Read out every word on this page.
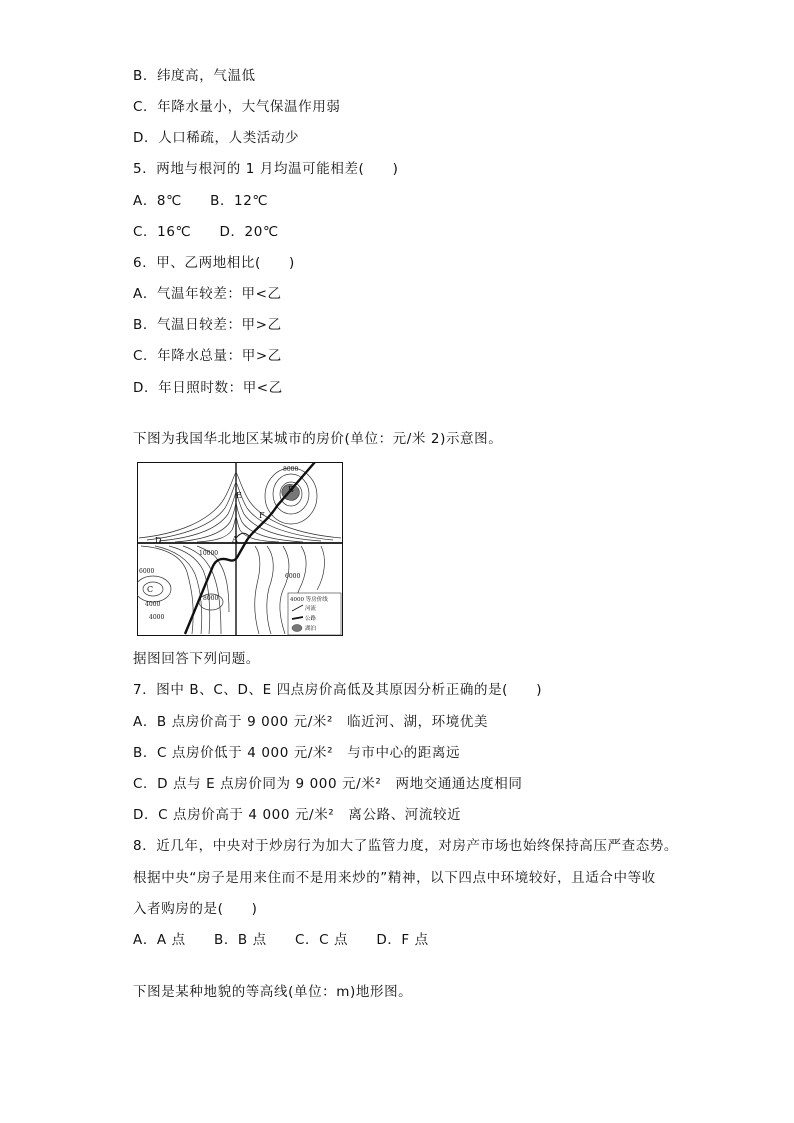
B．纬度高，气温低
C．年降水量小，大气保温作用弱
D．人口稀疏，人类活动少
5．两地与根河的 1 月均温可能相差(　　)
A．8℃　　B．12℃
C．16℃　　D．20℃
6．甲、乙两地相比(　　)
A．气温年较差：甲<乙
B．气温日较差：甲>乙
C．年降水总量：甲>乙
D．年日照时数：甲<乙
下图为我国华北地区某城市的房价(单位：元/米 2)示意图。
A
B
C
D
E
F
8000
10000
6000
4000
8000
4000
6000
4000 等房价线
河流
公路
湖泊
据图回答下列问题。
7．图中 B、C、D、E 四点房价高低及其原因分析正确的是(　　)
A．B 点房价高于 9 000 元/米²　临近河、湖，环境优美
B．C 点房价低于 4 000 元/米²　与市中心的距离远
C．D 点与 E 点房价同为 9 000 元/米²　两地交通通达度相同
D．C 点房价高于 4 000 元/米²　离公路、河流较近
8．近几年，中央对于炒房行为加大了监管力度，对房产市场也始终保持高压严查态势。
根据中央“房子是用来住而不是用来炒的”精神，以下四点中环境较好，且适合中等收
入者购房的是(　　)
A．A 点　　B．B 点　　C．C 点　　D．F 点
下图是某种地貌的等高线(单位：m)地形图。
